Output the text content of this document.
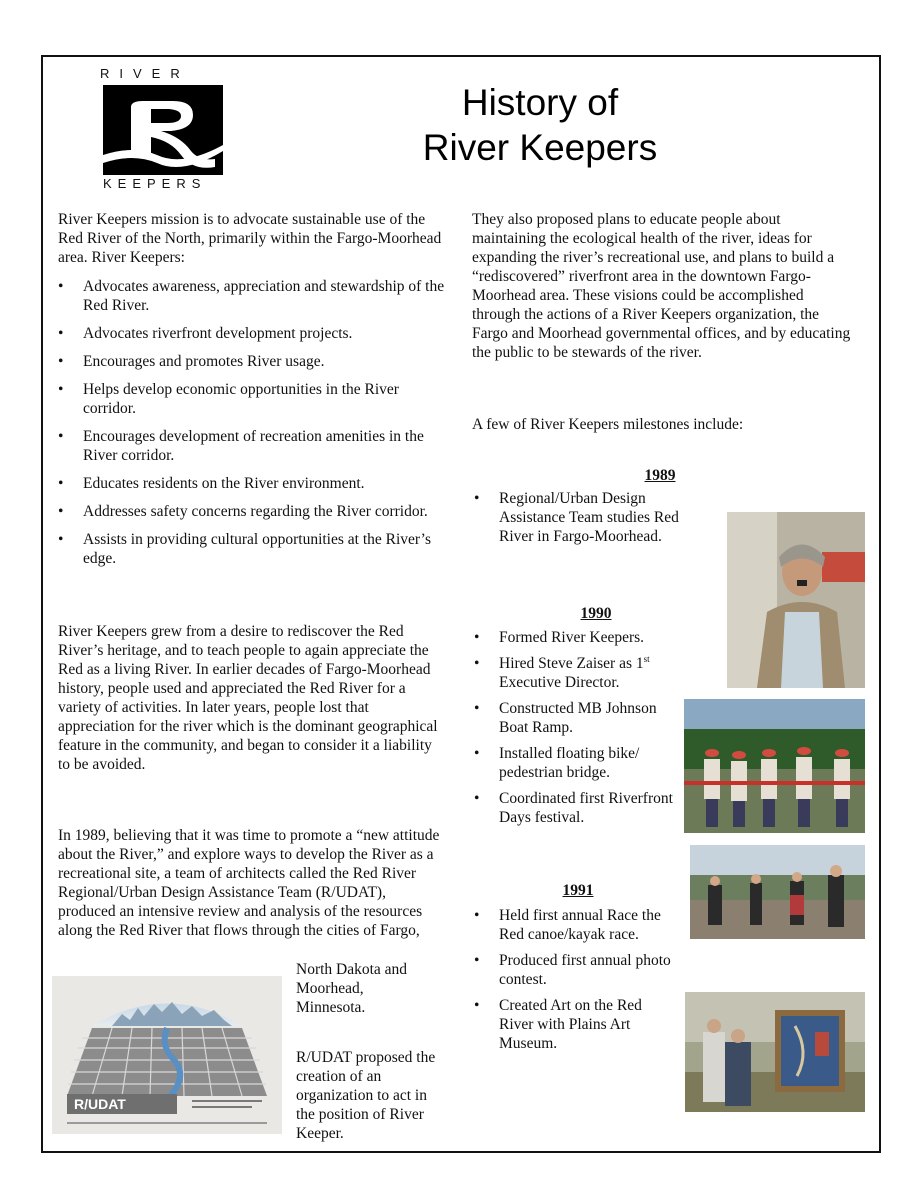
RIVER
KEEPERS
History of
River Keepers
River Keepers mission is to advocate sustainable use of the Red River of the North, primarily within the Fargo-Moorhead area. River Keepers:
• Advocates awareness, appreciation and stewardship of the Red River.
• Advocates riverfront development projects.
• Encourages and promotes River usage.
• Helps develop economic opportunities in the River corridor.
• Encourages development of recreation amenities in the River corridor.
• Educates residents on the River environment.
• Addresses safety concerns regarding the River corridor.
• Assists in providing cultural opportunities at the River’s edge.
River Keepers grew from a desire to rediscover the Red River’s heritage, and to teach people to again appreciate the Red as a living River. In earlier decades of Fargo-Moorhead history, people used and appreciated the Red River for a variety of activities. In later years, people lost that appreciation for the river which is the dominant geographical feature in the community, and began to consider it a liability to be avoided.
In 1989, believing that it was time to promote a “new attitude about the River,” and explore ways to develop the River as a recreational site, a team of architects called the Red River Regional/Urban Design Assistance Team (R/UDAT), produced an intensive review and analysis of the resources along the Red River that flows through the cities of Fargo,
North Dakota and Moorhead, Minnesota.
R/UDAT proposed the creation of an organization to act in the position of River Keeper.
R/UDAT
They also proposed plans to educate people about maintaining the ecological health of the river, ideas for expanding the river’s recreational use, and plans to build a “rediscovered” riverfront area in the downtown Fargo-Moorhead area. These visions could be accomplished through the actions of a River Keepers organization, the Fargo and Moorhead governmental offices, and by educating the public to be stewards of the river.
A few of River Keepers milestones include:
1989
• Regional/Urban Design Assistance Team studies Red River in Fargo-Moorhead.
1990
• Formed River Keepers.
• Hired Steve Zaiser as 1st
Executive Director.
• Constructed MB Johnson Boat Ramp.
• Installed floating bike/ pedestrian bridge.
• Coordinated first Riverfront Days festival.
1991
• Held first annual Race the Red canoe/kayak race.
• Produced first annual photo contest.
• Created Art on the Red River with Plains Art Museum.
